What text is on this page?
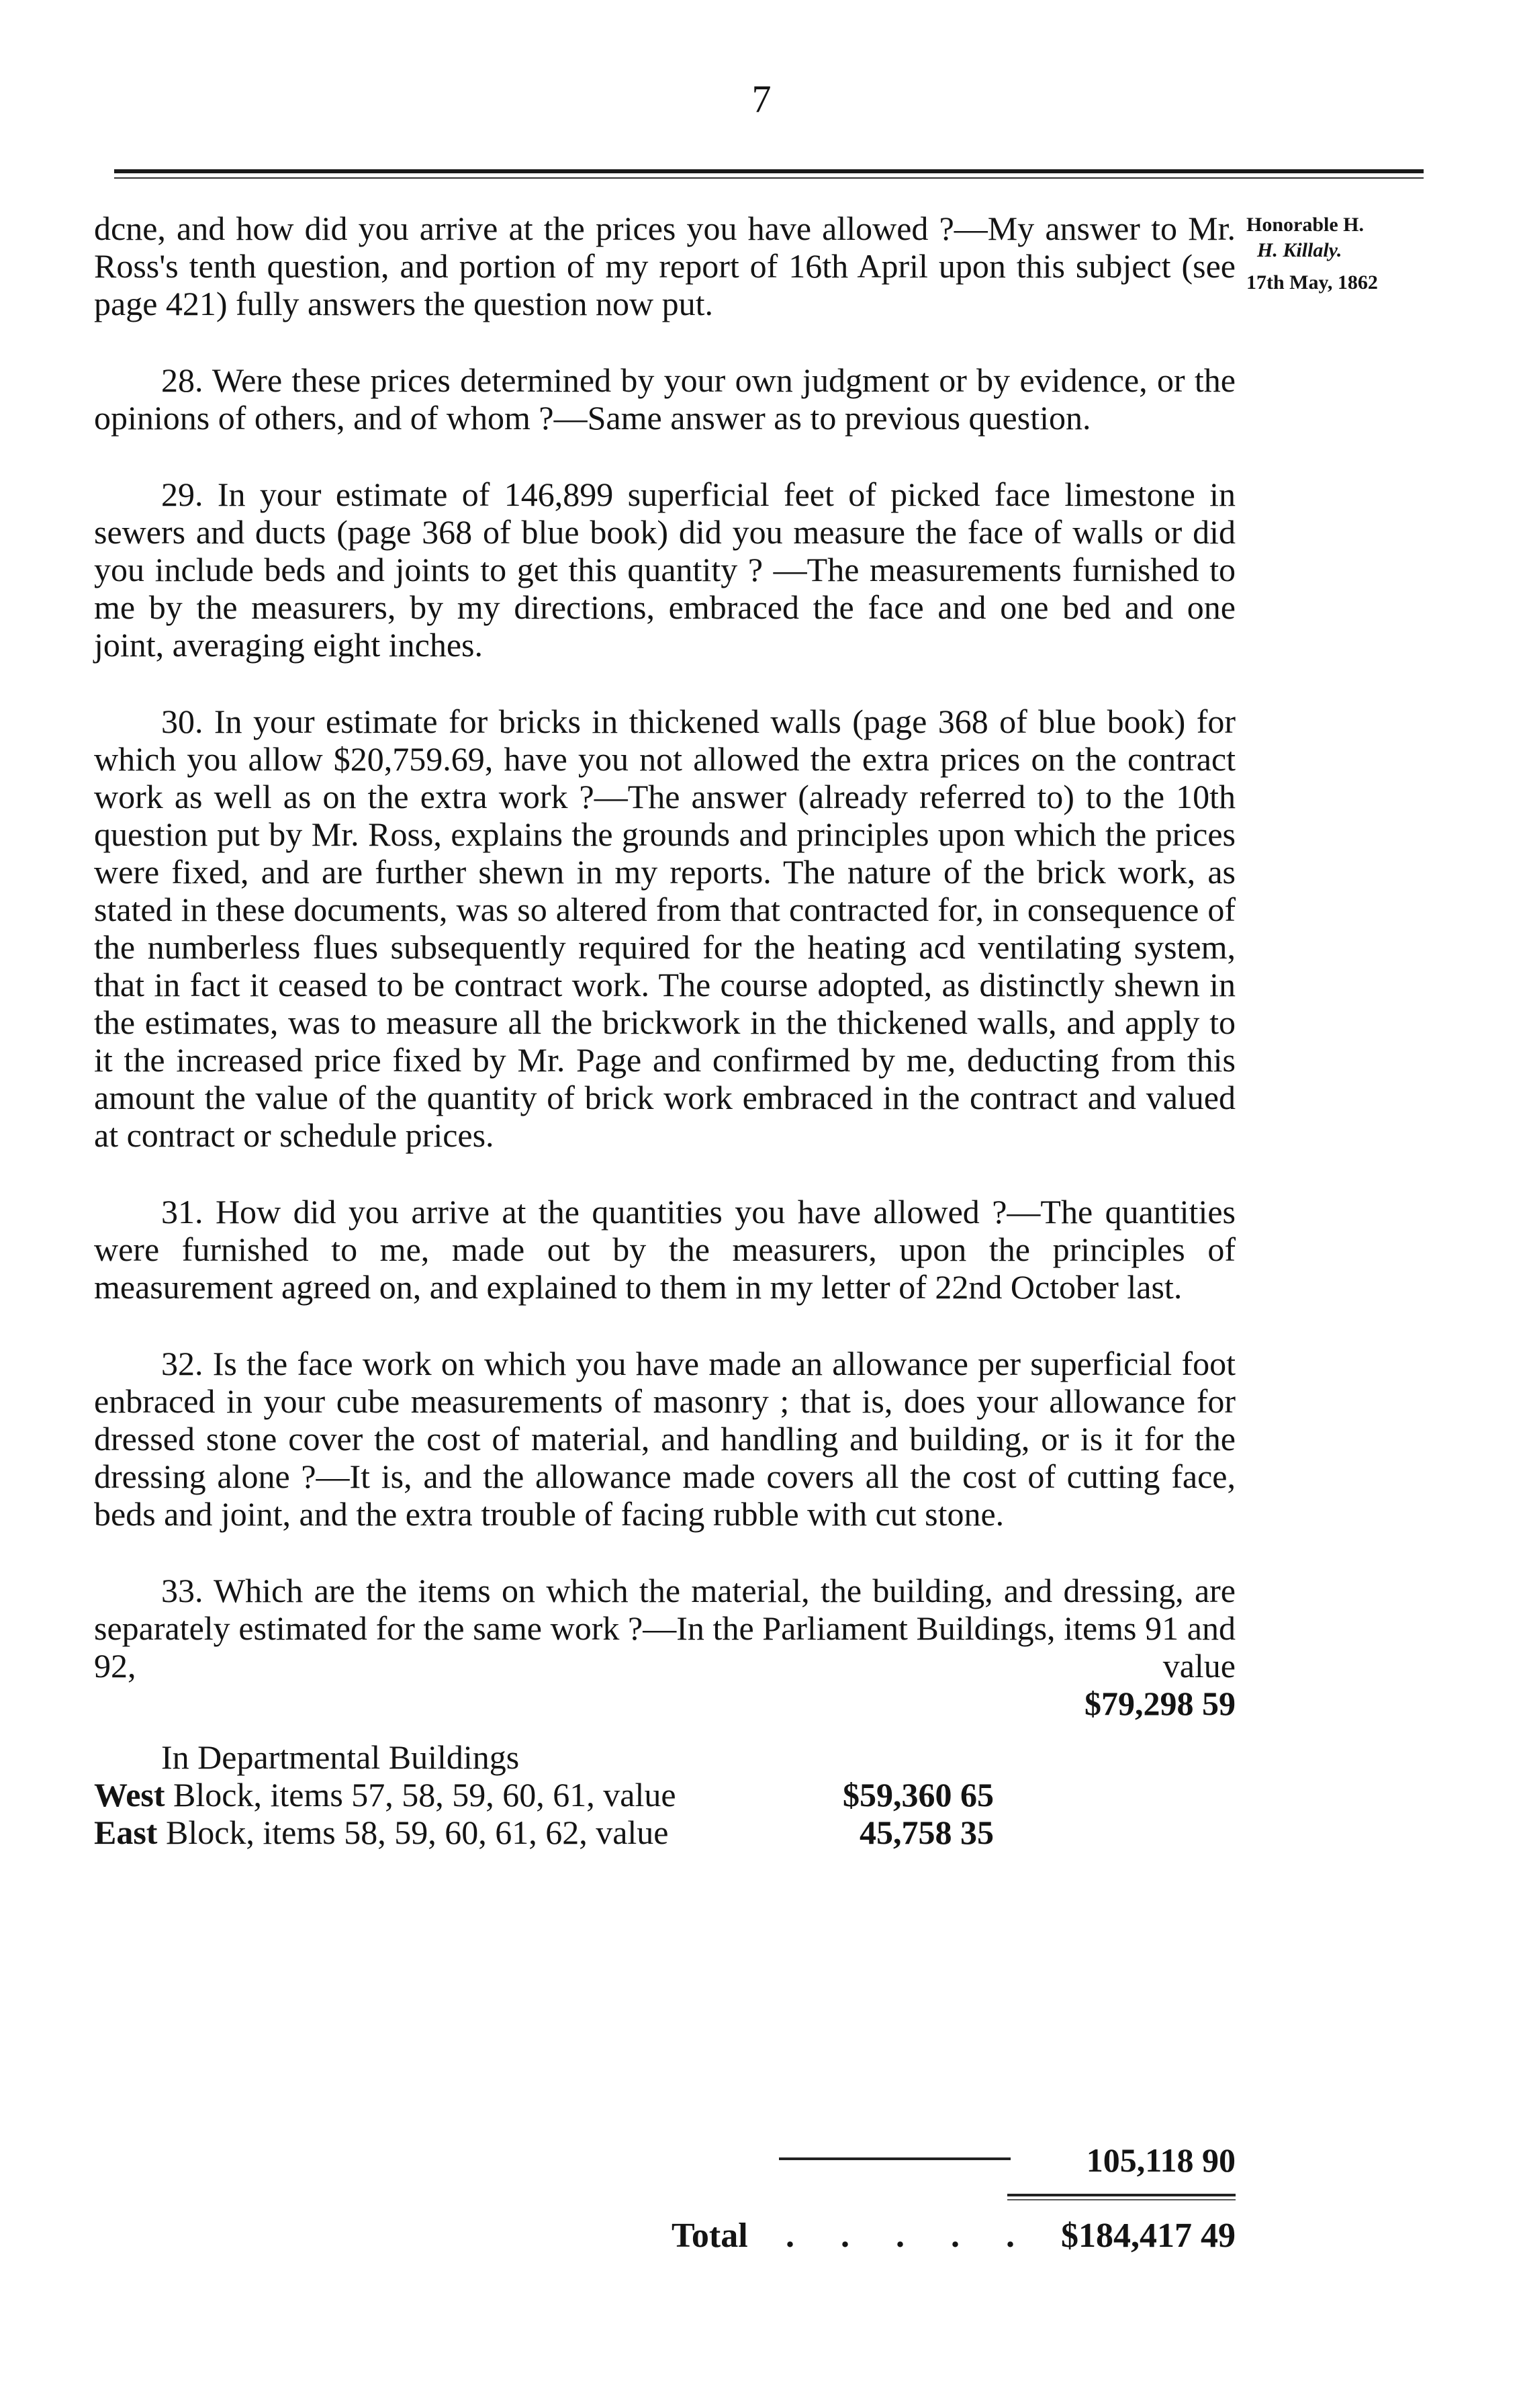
7
Honorable H.
H. Killaly.
17th May, 1862

dcne, and how did you arrive at the prices you have allowed ?—My answer to Mr. Ross's tenth question, and portion of my report of 16th April upon this subject (see page 421) fully answers the question now put.

28. Were these prices determined by your own judgment or by evidence, or the opinions of others, and of whom ?—Same answer as to previous question.

29. In your estimate of 146,899 superficial feet of picked face limestone in sewers and ducts (page 368 of blue book) did you measure the face of walls or did you include beds and joints to get this quantity ? —The measurements furnished to me by the measurers, by my directions, embraced the face and one bed and one joint, averaging eight inches.

30. In your estimate for bricks in thickened walls (page 368 of blue book) for which you allow $20,759.69, have you not allowed the extra prices on the contract work as well as on the extra work ?—The answer (already referred to) to the 10th question put by Mr. Ross, explains the grounds and principles upon which the prices were fixed, and are further shewn in my reports. The nature of the brick work, as stated in these documents, was so altered from that contracted for, in consequence of the numberless flues subsequently required for the heating acd ventilating system, that in fact it ceased to be contract work. The course adopted, as distinctly shewn in the estimates, was to measure all the brickwork in the thickened walls, and apply to it the increased price fixed by Mr. Page and confirmed by me, deducting from this amount the value of the quantity of brick work embraced in the contract and valued at contract or schedule prices.

31. How did you arrive at the quantities you have allowed ?—The quantities were furnished to me, made out by the measurers, upon the principles of measurement agreed on, and explained to them in my letter of 22nd October last.

32. Is the face work on which you have made an allowance per superficial foot enbraced in your cube measurements of masonry ; that is, does your allowance for dressed stone cover the cost of material, and handling and building, or is it for the dressing alone ?—It is, and the allowance made covers all the cost of cutting face, beds and joint, and the extra trouble of facing rubble with cut stone.

33. Which are the items on which the material, the building, and dressing, are separately estimated for the same work ?—In the Parliament Buildings, items 91 and 92, value$79,298 59

In Departmental Buildings
West Block, items 57, 58, 59, 60, 61, value	$59,360 65
East Block, items 58, 59, 60, 61, 62, value	45,758 35
105,118 90
Total . . . . . $184,417 49
